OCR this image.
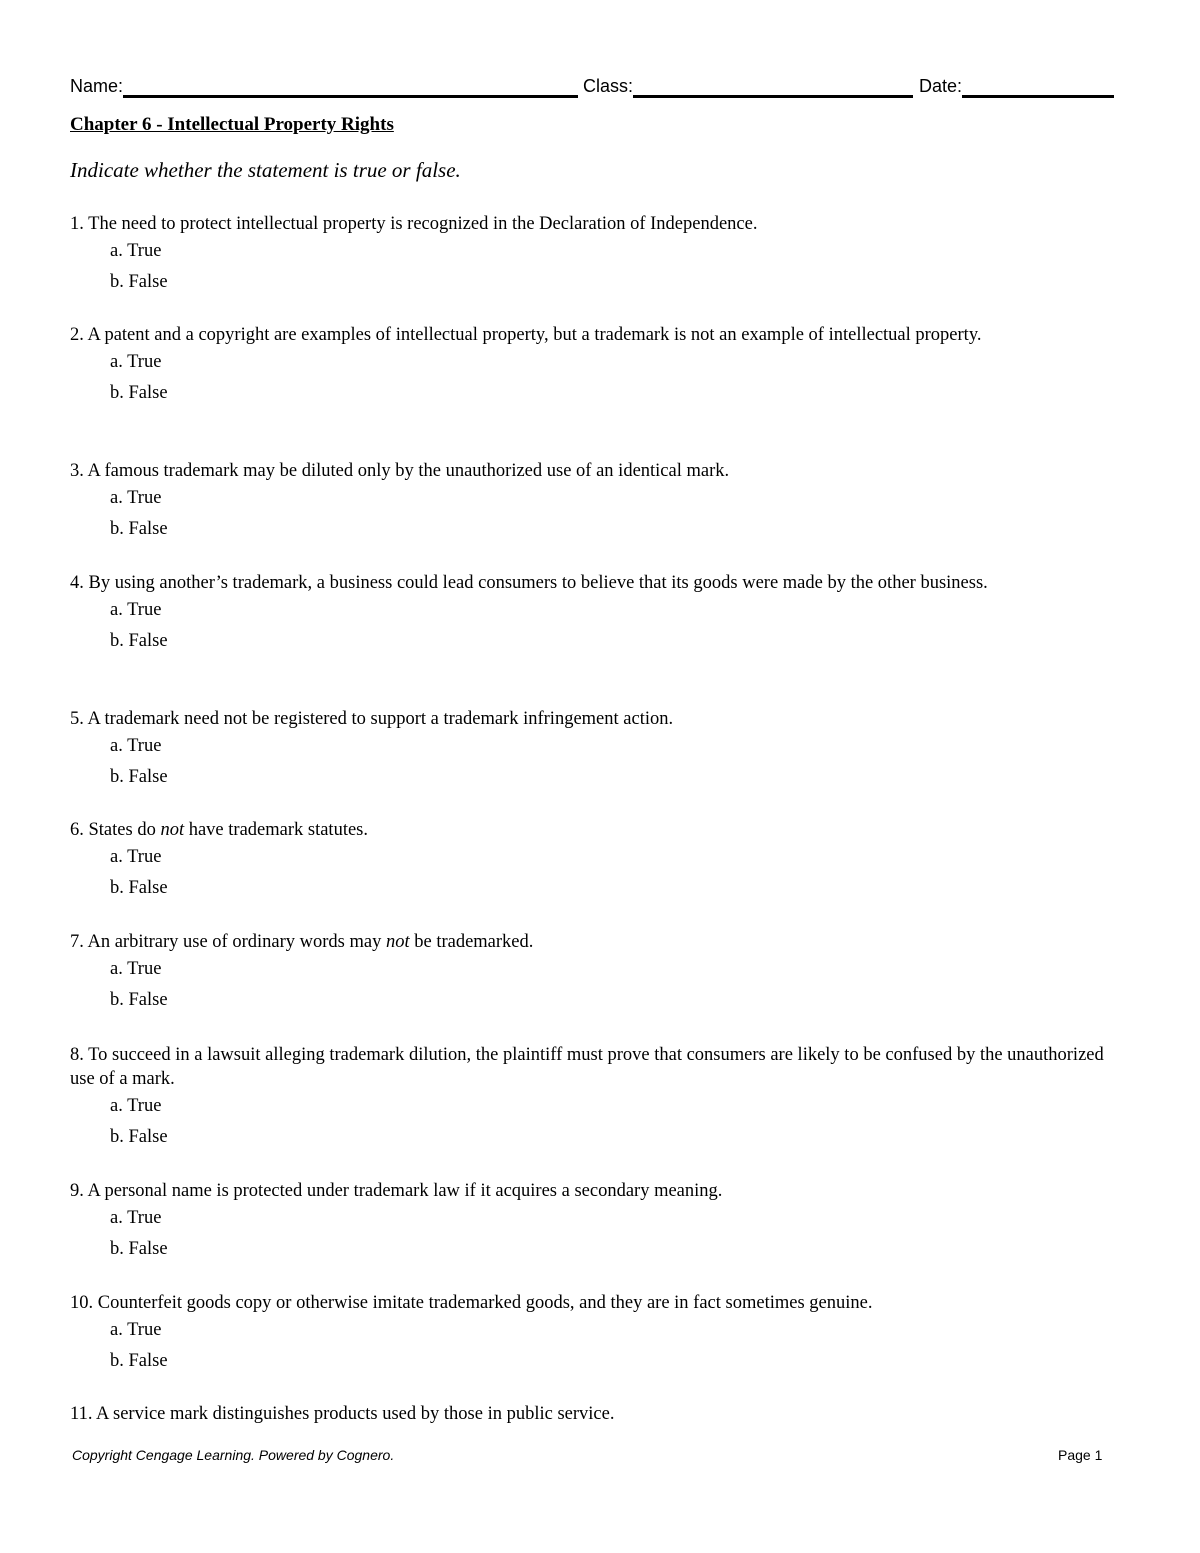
Name:	Class:	Date:
Chapter 6 - Intellectual Property Rights
Indicate whether the statement is true or false.
1. The need to protect intellectual property is recognized in the Declaration of Independence.
a. True
b. False
2. A patent and a copyright are examples of intellectual property, but a trademark is not an example of intellectual property.
a. True
b. False
3. A famous trademark may be diluted only by the unauthorized use of an identical mark.
a. True
b. False
4. By using another’s trademark, a business could lead consumers to believe that its goods were made by the other business.
a. True
b. False
5. A trademark need not be registered to support a trademark infringement action.
a. True
b. False
6. States do not have trademark statutes.
a. True
b. False
7. An arbitrary use of ordinary words may not be trademarked.
a. True
b. False
8. To succeed in a lawsuit alleging trademark dilution, the plaintiff must prove that consumers are likely to be confused by the unauthorized use of a mark.
a. True
b. False
9. A personal name is protected under trademark law if it acquires a secondary meaning.
a. True
b. False
10. Counterfeit goods copy or otherwise imitate trademarked goods, and they are in fact sometimes genuine.
a. True
b. False
11. A service mark distinguishes products used by those in public service.
Copyright Cengage Learning. Powered by Cognero.	Page 1
